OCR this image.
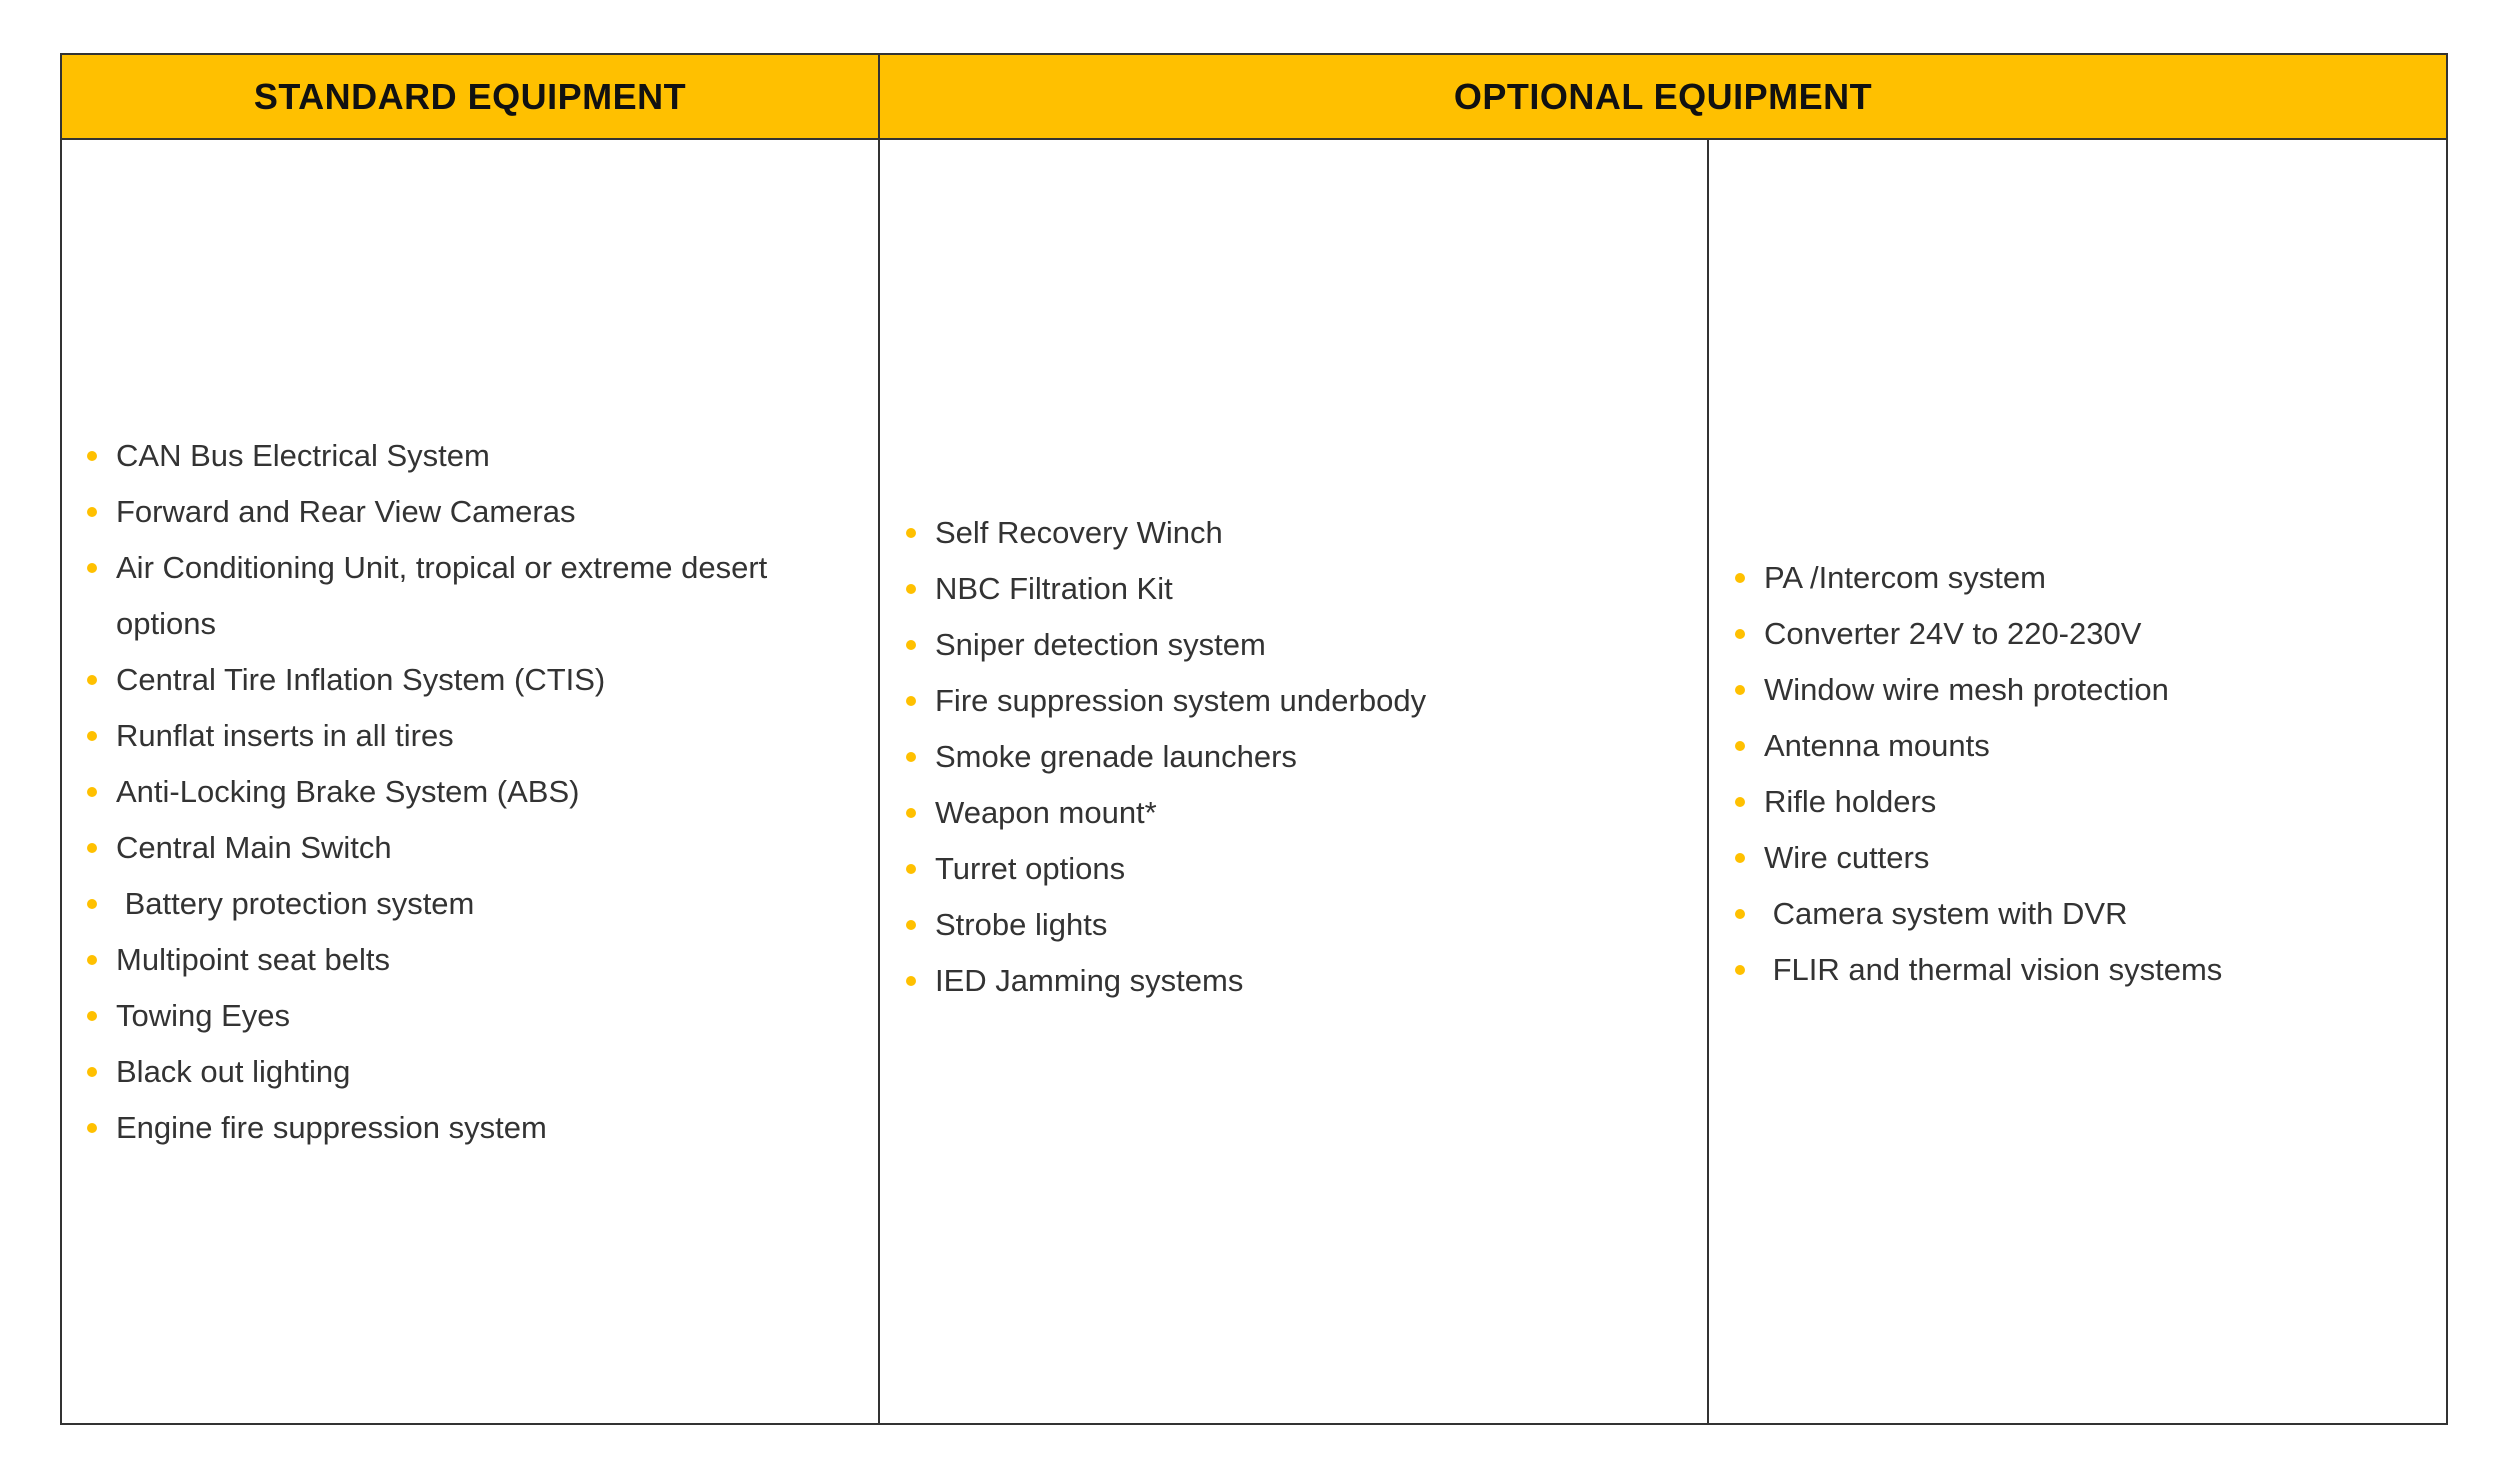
STANDARD EQUIPMENT	OPTIONAL EQUIPMENT
CAN Bus Electrical System
Forward and Rear View Cameras
Air Conditioning Unit, tropical or extreme desert options
Central Tire Inflation System (CTIS)
Runflat inserts in all tires
Anti-Locking Brake System (ABS)
Central Main Switch
Battery protection system
Multipoint seat belts
Towing Eyes
Black out lighting
Engine fire suppression system
Self Recovery Winch
NBC Filtration Kit
Sniper detection system
Fire suppression system underbody
Smoke grenade launchers
Weapon mount*
Turret options
Strobe lights
IED Jamming systems
PA /Intercom system
Converter 24V to 220-230V
Window wire mesh protection
Antenna mounts
Rifle holders
Wire cutters
Camera system with DVR
FLIR and thermal vision systems
